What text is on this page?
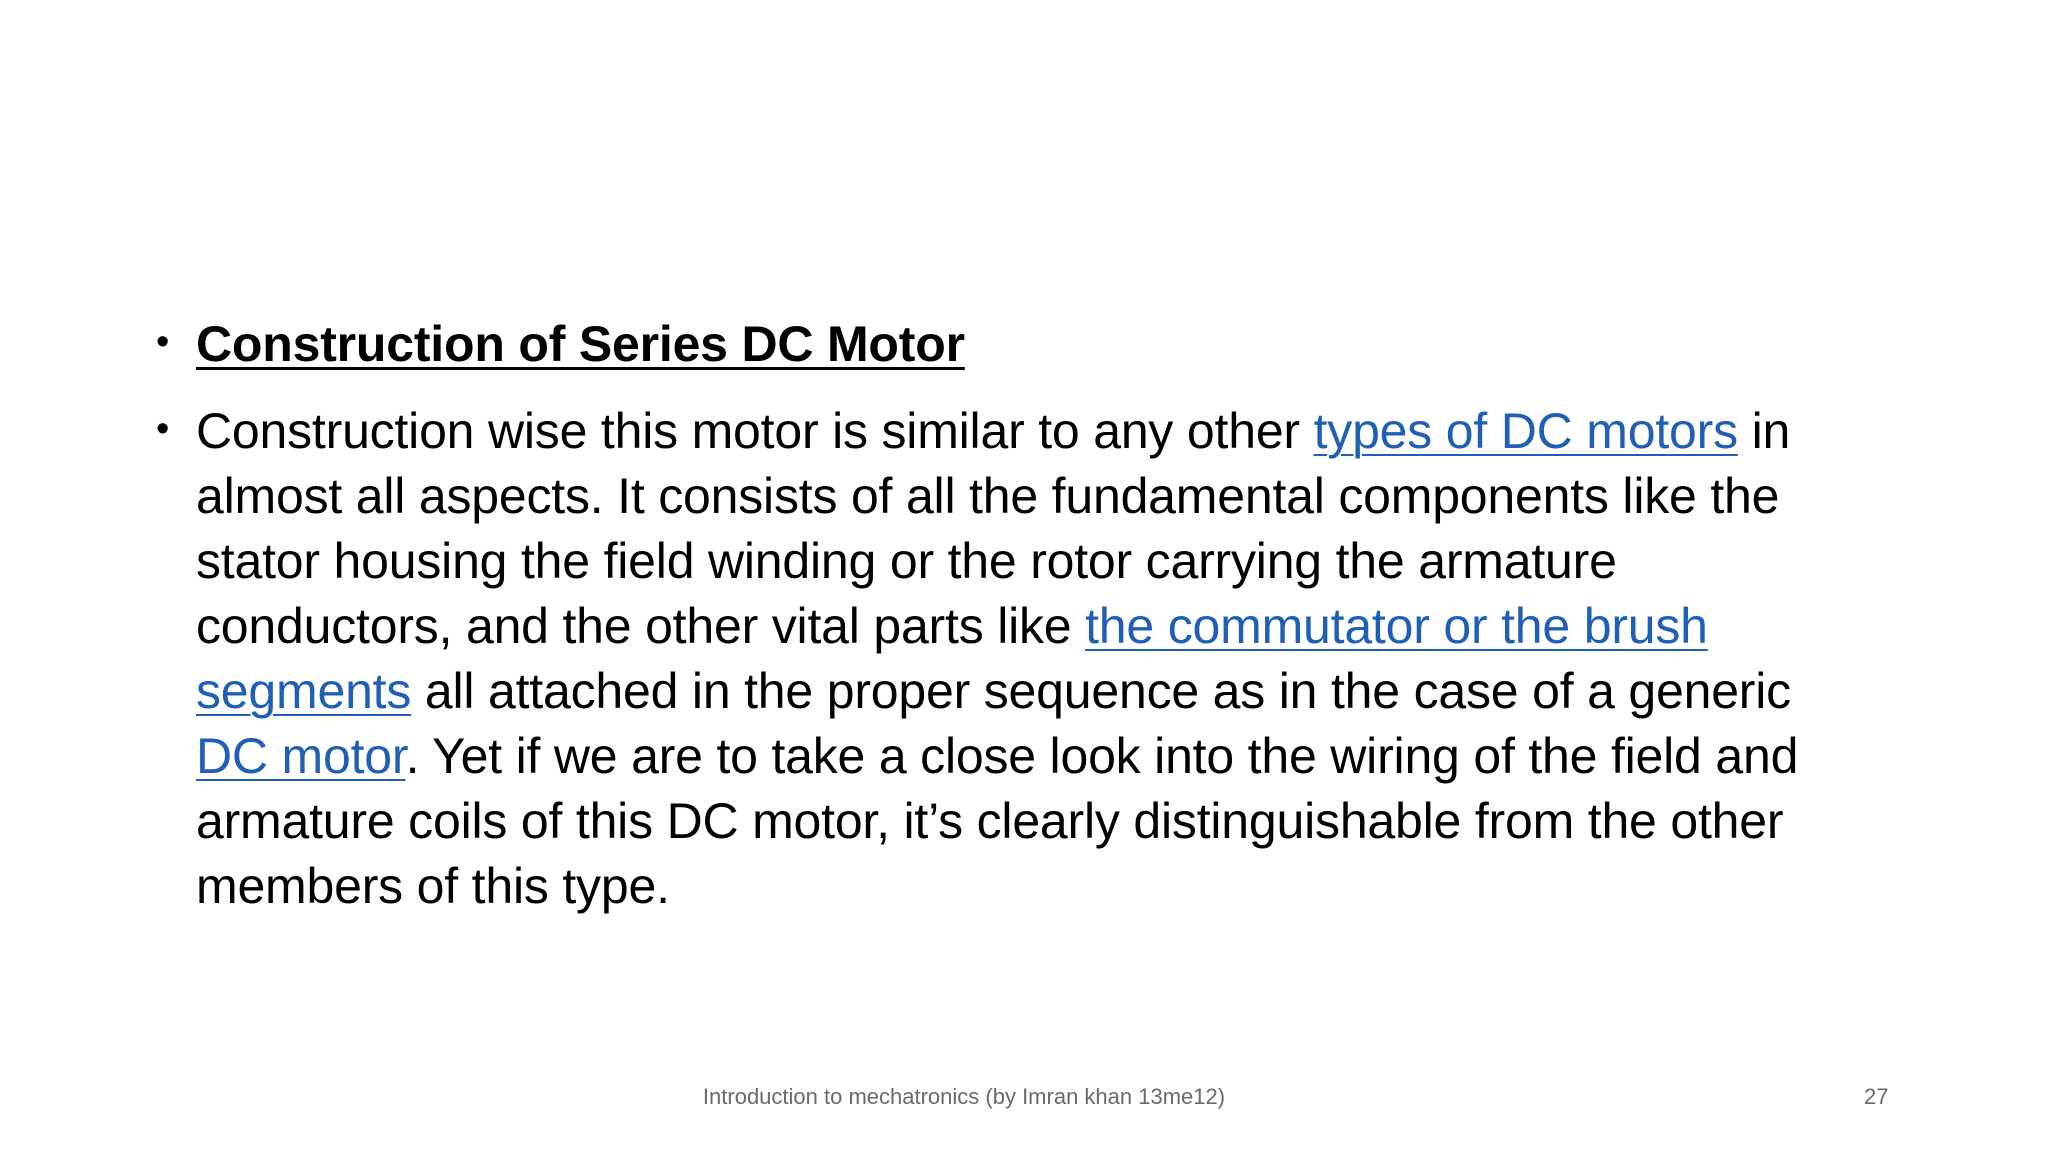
• Construction of Series DC Motor
• Construction wise this motor is similar to any other types of DC motors in almost all aspects. It consists of all the fundamental components like the stator housing the field winding or the rotor carrying the armature conductors, and the other vital parts like the commutator or the brush segments all attached in the proper sequence as in the case of a generic DC motor. Yet if we are to take a close look into the wiring of the field and armature coils of this DC motor, it’s clearly distinguishable from the other members of this type.
Introduction to mechatronics (by Imran khan 13me12)	27
